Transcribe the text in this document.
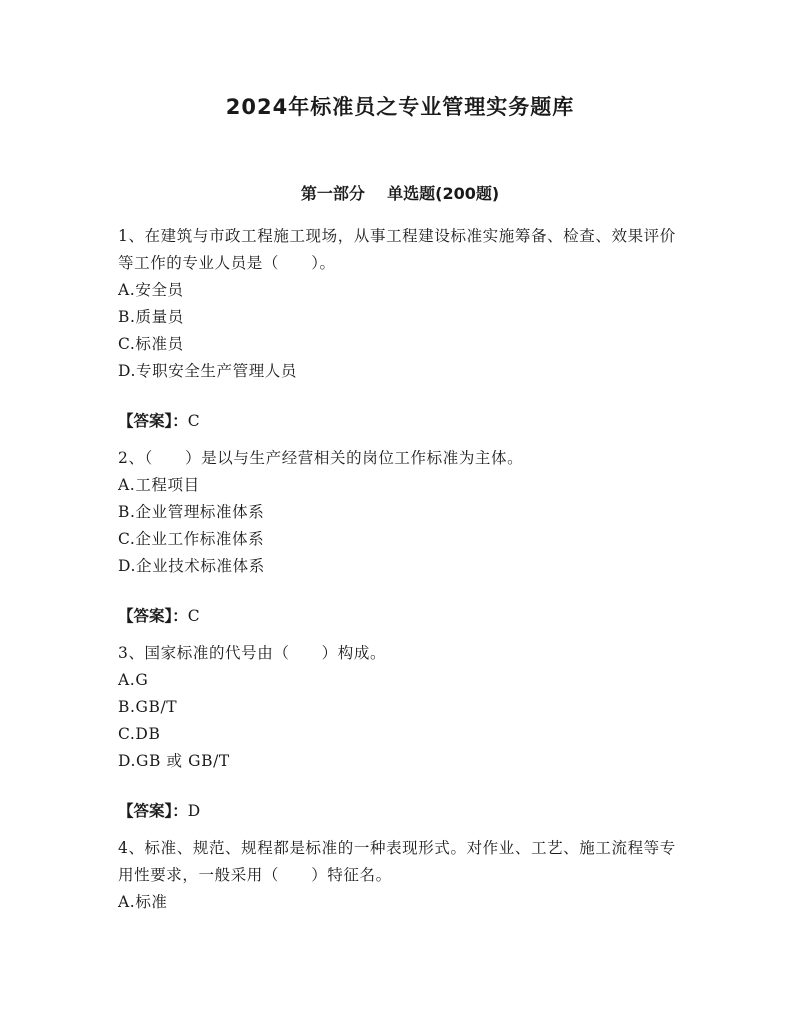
2024年标准员之专业管理实务题库
第一部分    单选题(200题)
1、在建筑与市政工程施工现场，从事工程建设标准实施筹备、检查、效果评价等工作的专业人员是（　　）。
A.安全员
B.质量员
C.标准员
D.专职安全生产管理人员
【答案】：C
2、（　　）是以与生产经营相关的岗位工作标准为主体。
A.工程项目
B.企业管理标准体系
C.企业工作标准体系
D.企业技术标准体系
【答案】：C
3、国家标准的代号由（　　）构成。
A.G
B.GB/T
C.DB
D.GB 或 GB/T
【答案】：D
4、标准、规范、规程都是标准的一种表现形式。对作业、工艺、施工流程等专用性要求，一般采用（　　）特征名。
A.标准
